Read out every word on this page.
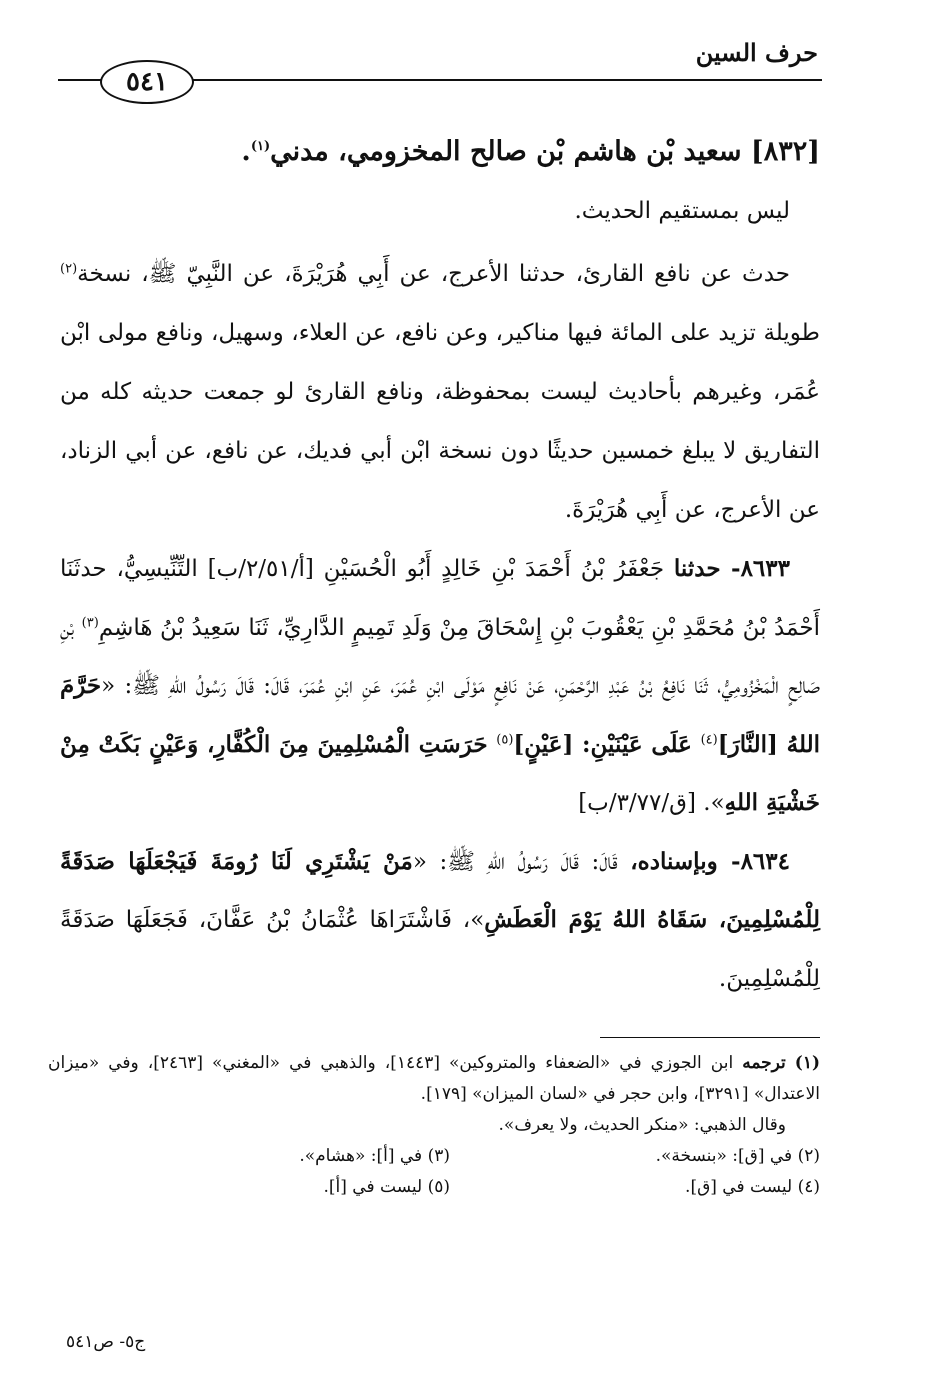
حرف السين
٥٤١

[٨٣٢] سعيد بْن هاشم بْن صالح المخزومي، مدني$^{(١)}$.

ليس بمستقيم الحديث.

حدث عن نافع القارئ، حدثنا الأعرج، عن أَبِي هُرَيْرَةَ، عن النَّبِيّ ﷺ، نسخة$^{(٢)}$ طويلة تزيد على المائة فيها مناكير، وعن نافع، عن العلاء، وسهيل، ونافع مولى ابْن عُمَر، وغيرهم بأحاديث ليست بمحفوظة، ونافع القارئ لو جمعت حديثه كله من التفاريق لا يبلغ خمسين حديثًا دون نسخة ابْن أبي فديك، عن نافع، عن أبي الزناد، عن الأعرج، عن أَبِي هُرَيْرَةَ.

٨٦٣٣- حدثنا جَعْفَرُ بْنُ أَحْمَدَ بْنِ خَالِدٍ أَبُو الْحُسَيْنِ [أ/٢/٥١/ب] التِّنِّيسِيُّ، حدثَنَا أَحْمَدُ بْنُ مُحَمَّدِ بْنِ يَعْقُوبَ بْنِ إِسْحَاقَ مِنْ وَلَدِ تَمِيمٍ الدَّارِيِّ، ثَنَا سَعِيدُ بْنُ هَاشِمِ$^{(٣)}$ بْنِ صَالِحٍ الْمَخْزُومِيُّ، ثَنَا نَافِعُ بْنُ عَبْدِ الرَّحْمَنِ، عَنْ نَافِعٍ مَوْلَى ابْنِ عُمَرَ، عَنِ ابْنِ عُمَرَ، قَالَ: قَالَ رَسُولُ اللهِ ﷺ: «حَرَّمَ اللهُ [النَّارَ]$^{(٤)}$ عَلَى عَيْنَيْنِ: [عَيْنٍ]$^{(٥)}$ حَرَسَتِ الْمُسْلِمِينَ مِنَ الْكُفَّارِ، وَعَيْنٍ بَكَتْ مِنْ خَشْيَةِ اللهِ». [ق/٣/٧٧/ب]

٨٦٣٤- وبإسناده، قَالَ: قَالَ رَسُولُ اللهِ ﷺ: «مَنْ يَشْتَرِي لَنَا رُومَةَ فَيَجْعَلَهَا صَدَقَةً لِلْمُسْلِمِينَ، سَقَاهُ اللهُ يَوْمَ الْعَطَشِ»، فَاشْتَرَاهَا عُثْمَانُ بْنُ عَفَّانَ، فَجَعَلَهَا صَدَقَةً لِلْمُسْلِمِينَ.

(١) ترجمه ابن الجوزي في «الضعفاء والمتروكين» [١٤٤٣]، والذهبي في «المغني» [٢٤٦٣]، وفي «ميزان الاعتدال» [٣٢٩١]، وابن حجر في «لسان الميزان» [١٧٩].

وقال الذهبي: «منكر الحديث، ولا يعرف».

(٢) في [ق]: «بنسخة».
(٣) في [أ]: «هشام».
(٤) ليست في [ق].
(٥) ليست في [أ].
ج٥- ص٥٤١
